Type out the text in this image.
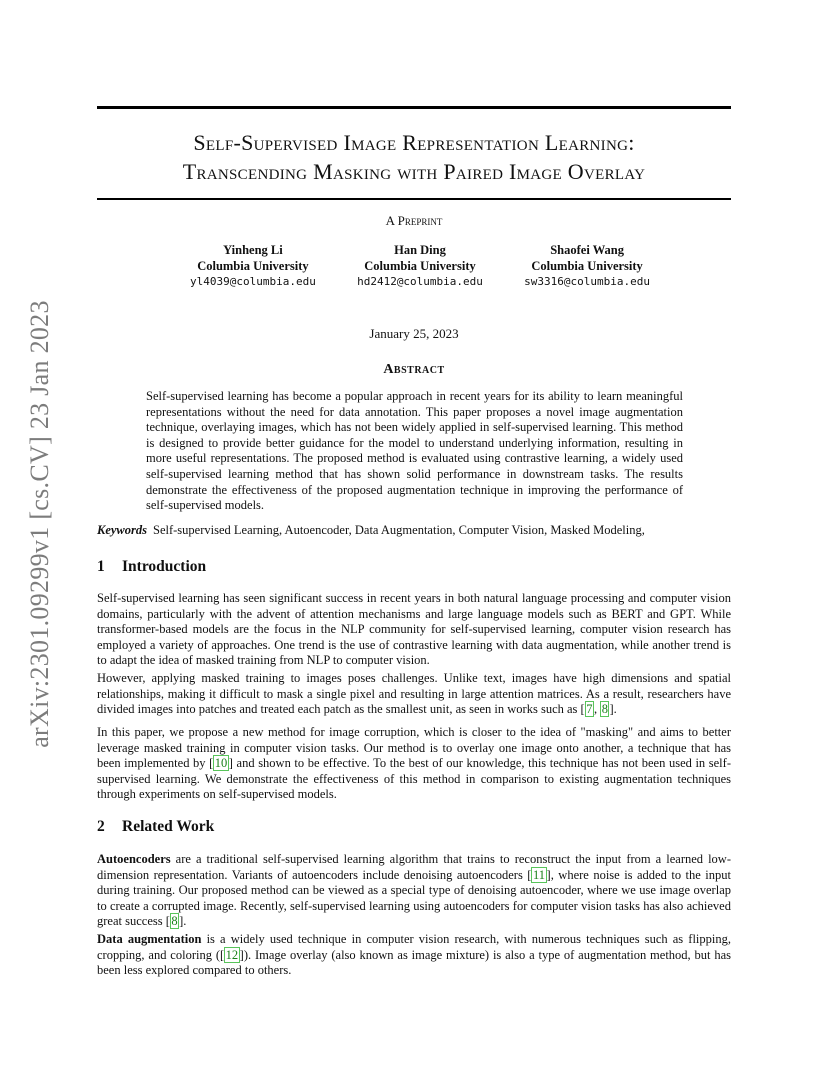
arXiv:2301.09299v1 [cs.CV] 23 Jan 2023
Self-Supervised Image Representation Learning:
Transcending Masking with Paired Image Overlay
A Preprint
Yinheng Li
Columbia University
yl4039@columbia.edu
Han Ding
Columbia University
hd2412@columbia.edu
Shaofei Wang
Columbia University
sw3316@columbia.edu
January 25, 2023
Abstract
Self-supervised learning has become a popular approach in recent years for its ability to learn meaningful representations without the need for data annotation. This paper proposes a novel image augmentation technique, overlaying images, which has not been widely applied in self-supervised learning. This method is designed to provide better guidance for the model to understand underlying information, resulting in more useful representations. The proposed method is evaluated using contrastive learning, a widely used self-supervised learning method that has shown solid performance in downstream tasks. The results demonstrate the effectiveness of the proposed augmentation technique in improving the performance of self-supervised models.
Keywords Self-supervised Learning, Autoencoder, Data Augmentation, Computer Vision, Masked Modeling,
1 Introduction
Self-supervised learning has seen significant success in recent years in both natural language processing and computer vision domains, particularly with the advent of attention mechanisms and large language models such as BERT and GPT. While transformer-based models are the focus in the NLP community for self-supervised learning, computer vision research has employed a variety of approaches. One trend is the use of contrastive learning with data augmentation, while another trend is to adapt the idea of masked training from NLP to computer vision.
However, applying masked training to images poses challenges. Unlike text, images have high dimensions and spatial relationships, making it difficult to mask a single pixel and resulting in large attention matrices. As a result, researchers have divided images into patches and treated each patch as the smallest unit, as seen in works such as [ 7 , 8 ].
In this paper, we propose a new method for image corruption, which is closer to the idea of "masking" and aims to better leverage masked training in computer vision tasks. Our method is to overlay one image onto another, a technique that has been implemented by [ 10 ] and shown to be effective. To the best of our knowledge, this technique has not been used in self-supervised learning. We demonstrate the effectiveness of this method in comparison to existing augmentation techniques through experiments on self-supervised models.
2 Related Work
Autoencoders are a traditional self-supervised learning algorithm that trains to reconstruct the input from a learned low-dimension representation. Variants of autoencoders include denoising autoencoders [ 11 ], where noise is added to the input during training. Our proposed method can be viewed as a special type of denoising autoencoder, where we use image overlap to create a corrupted image. Recently, self-supervised learning using autoencoders for computer vision tasks has also achieved great success [ 8 ].
Data augmentation is a widely used technique in computer vision research, with numerous techniques such as flipping, cropping, and coloring ([ 12 ]). Image overlay (also known as image mixture) is also a type of augmentation method, but has been less explored compared to others.
